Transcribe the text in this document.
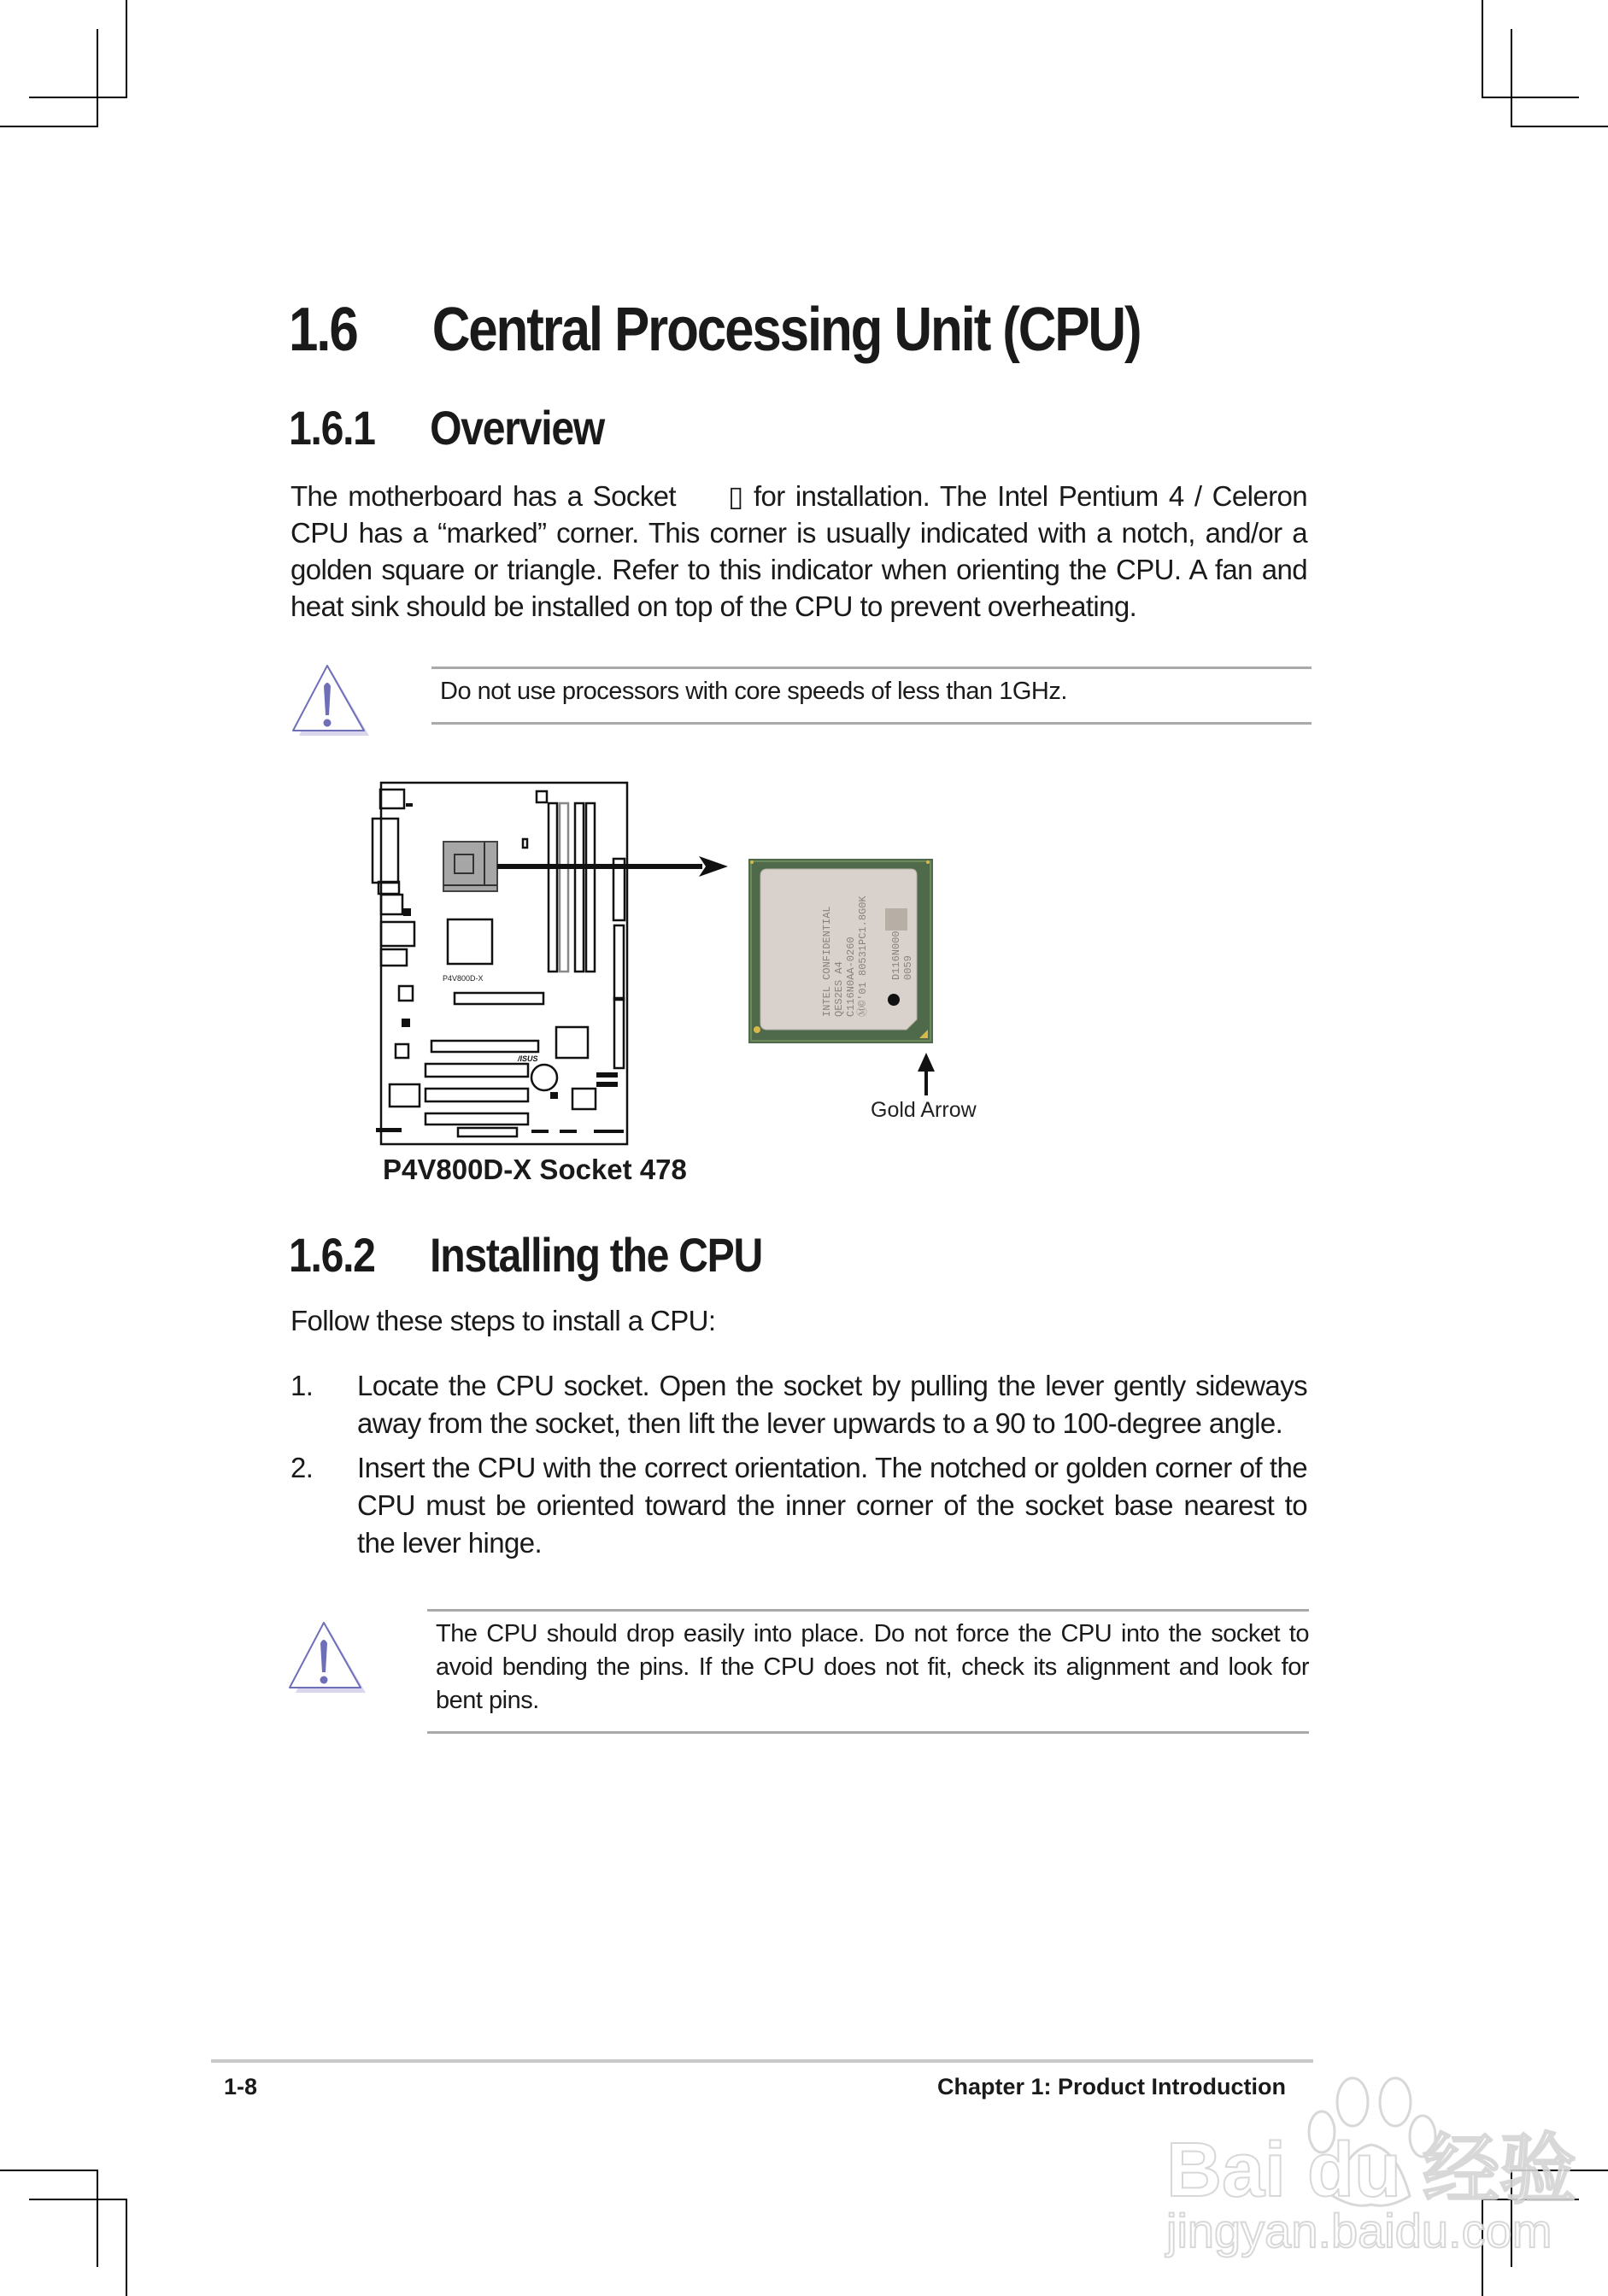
1.6 Central Processing Unit (CPU)
1.6.1 Overview
The motherboard has a Socket     ▯ for installation. The Intel Pentium 4 / Celeron
CPU has a “marked” corner. This corner is usually indicated with a notch, and/or a
golden square or triangle. Refer to this indicator when orienting the CPU. A fan and
heat sink should be installed on top of the CPU to prevent overheating.
Do not use processors with core speeds of less than 1GHz.
P4V800D-X
/ISUS
INTEL CONFIDENTIAL QES2ES A4 C116N0AA-0260 Ⓜ©'01 80531PC1.8G0K D116N000 0059
Gold Arrow
P4V800D-X Socket 478
1.6.2 Installing the CPU
Follow these steps to install a CPU:
1. Locate the CPU socket. Open the socket by pulling the lever gently sideways away from the socket, then lift the lever upwards to a 90 to 100-degree angle.
2. Insert the CPU with the correct orientation. The notched or golden corner of the CPU must be oriented toward the inner corner of the socket base nearest to the lever hinge.
The CPU should drop easily into place. Do not force the CPU into the socket to
avoid bending the pins. If the CPU does not fit, check its alignment and look for
bent pins.
1-8	Chapter 1: Product Introduction
Bai du 经验
jingyan.baidu.com
